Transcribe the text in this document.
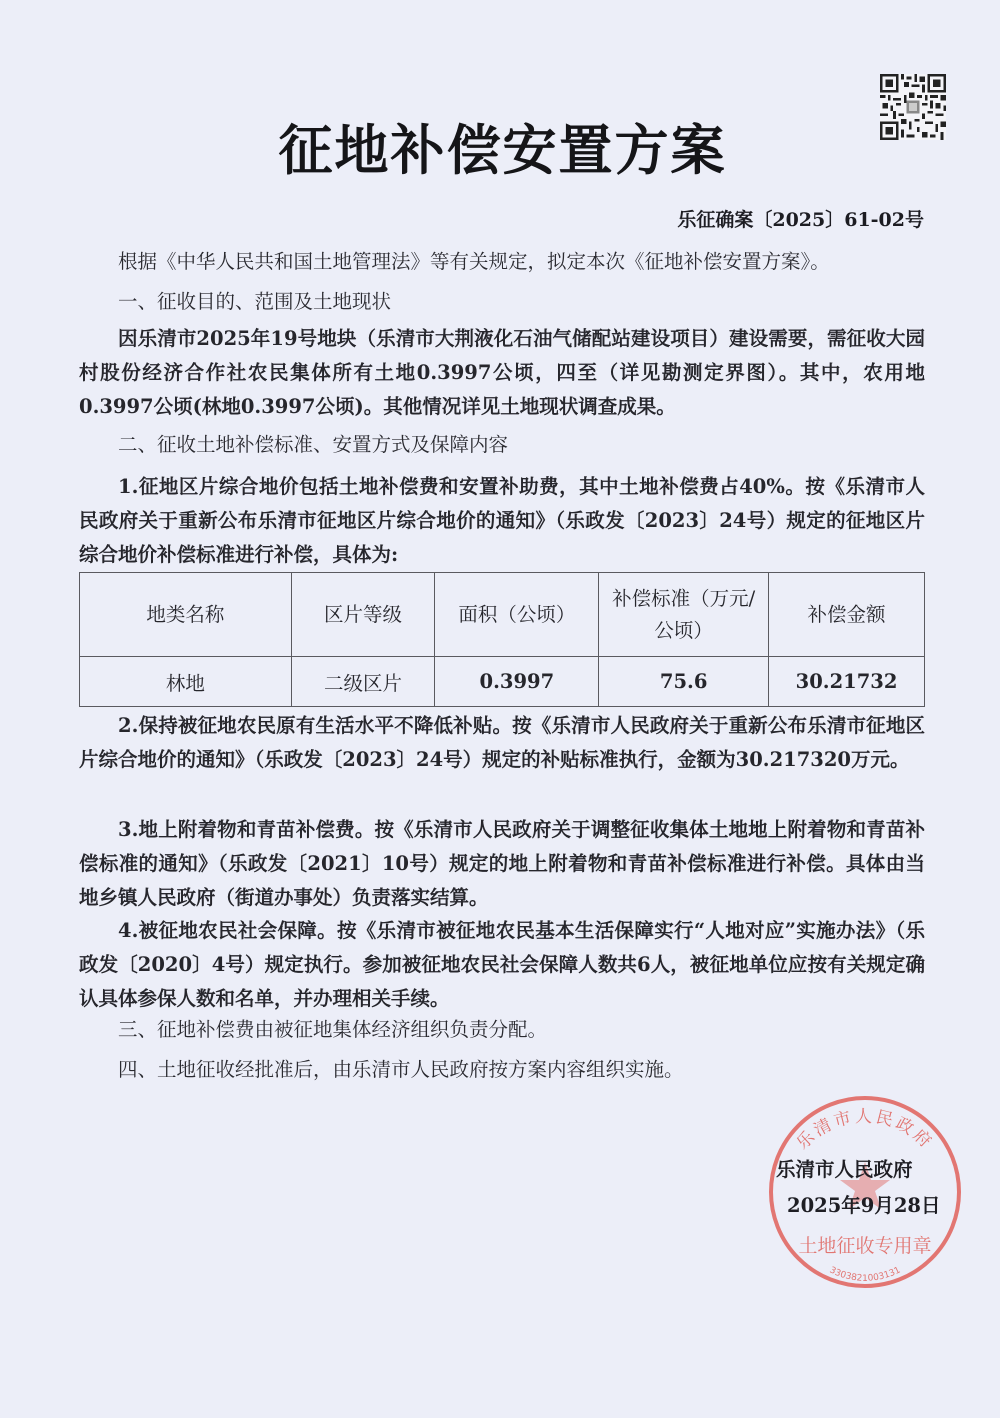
征地补偿安置方案
乐征确案〔2025〕61-02号
根据《中华人民共和国土地管理法》等有关规定，拟定本次《征地补偿安置方案》。
一、征收目的、范围及土地现状
因乐清市2025年19号地块（乐清市大荆液化石油气储配站建设项目）建设需要，需征收大园村股份经济合作社农民集体所有土地0.3997公顷，四至（详见勘测定界图）。其中，农用地0.3997公顷(林地0.3997公顷)。其他情况详见土地现状调查成果。
二、征收土地补偿标准、安置方式及保障内容
1.征地区片综合地价包括土地补偿费和安置补助费，其中土地补偿费占40%。按《乐清市人民政府关于重新公布乐清市征地区片综合地价的通知》（乐政发〔2023〕24号）规定的征地区片综合地价补偿标准进行补偿，具体为:
地类名称	区片等级	面积（公顷）	补偿标准（万元/公顷）	补偿金额
林地	二级区片	0.3997	75.6	30.21732
2.保持被征地农民原有生活水平不降低补贴。按《乐清市人民政府关于重新公布乐清市征地区片综合地价的通知》（乐政发〔2023〕24号）规定的补贴标准执行，金额为30.217320万元。
3.地上附着物和青苗补偿费。按《乐清市人民政府关于调整征收集体土地地上附着物和青苗补偿标准的通知》（乐政发〔2021〕10号）规定的地上附着物和青苗补偿标准进行补偿。具体由当地乡镇人民政府（街道办事处）负责落实结算。
4.被征地农民社会保障。按《乐清市被征地农民基本生活保障实行“人地对应”实施办法》（乐政发〔2020〕4号）规定执行。参加被征地农民社会保障人数共6人，被征地单位应按有关规定确认具体参保人数和名单，并办理相关手续。
三、征地补偿费由被征地集体经济组织负责分配。
四、土地征收经批准后，由乐清市人民政府按方案内容组织实施。
乐清市人民政府
土地征收专用章
3303821003131
乐清市人民政府
2025年9月28日
